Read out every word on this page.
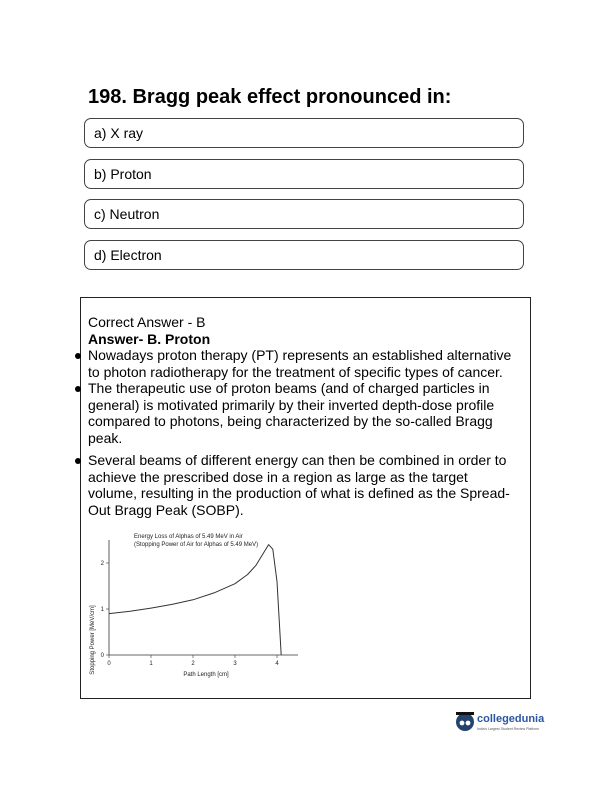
198. Bragg peak effect pronounced in:
a) X ray
b) Proton
c) Neutron
d) Electron

Correct Answer - B

Answer- B. Proton

Nowadays proton therapy (PT) represents an established alternative
to photon radiotherapy for the treatment of specific types of cancer.
The therapeutic use of proton beams (and of charged particles in
general) is motivated primarily by their inverted depth-dose profile
compared to photons, being characterized by the so-called Bragg
peak.
Several beams of different energy can then be combined in order to
achieve the prescribed dose in a region as large as the target
volume, resulting in the production of what is defined as the Spread-
Out Bragg Peak (SOBP).
Energy Loss of Alphas of 5.49 MeV in Air
(Stopping Power of Air for Alphas of 5.49 MeV)
Stopping Power [MeV/cm]
Path Length [cm]
0	1	2	3	4
0
1
2
collegedunia
India's Largest Student Review Platform
